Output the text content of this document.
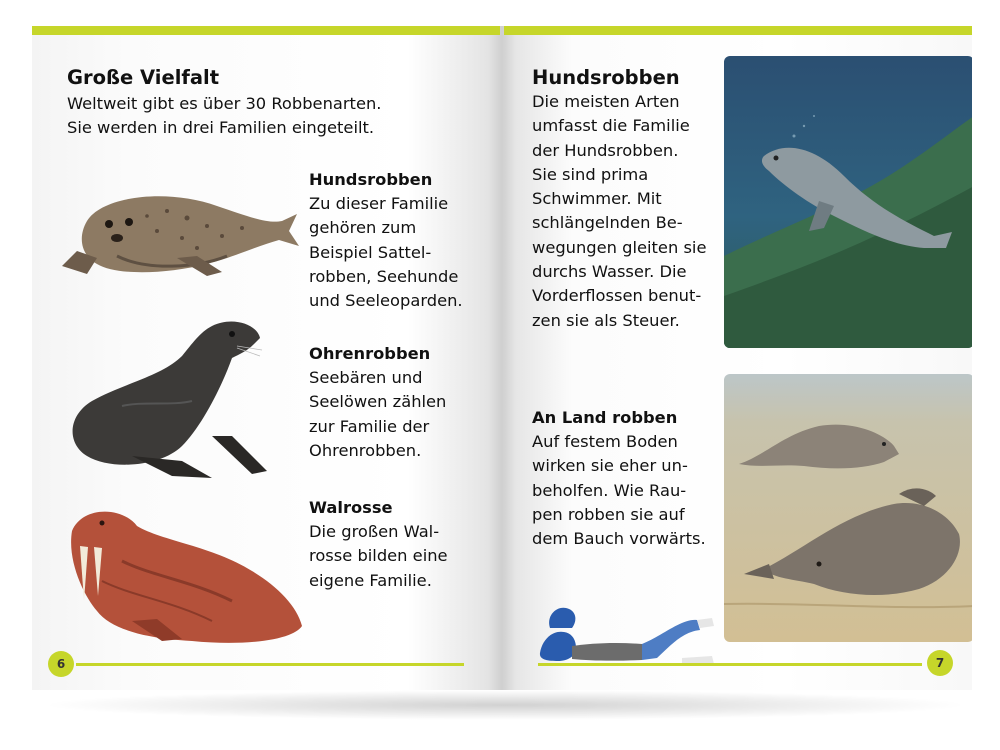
Große Vielfalt
Weltweit gibt es über 30 Robbenarten.
Sie werden in drei Familien eingeteilt.
Hundsrobben
Zu dieser Familie
gehören zum
Beispiel Sattel-
robben, Seehunde
und Seeleoparden.
Ohrenrobben
Seebären und
Seelöwen zählen
zur Familie der
Ohrenrobben.
Walrosse
Die großen Wal-
rosse bilden eine
eigene Familie.
6
Hundsrobben
Die meisten Arten
umfasst die Familie
der Hundsrobben.
Sie sind prima
Schwimmer. Mit
schlängelnden Be-
wegungen gleiten sie
durchs Wasser. Die
Vorderflossen benut-
zen sie als Steuer.
An Land robben
Auf festem Boden
wirken sie eher un-
beholfen. Wie Rau-
pen robben sie auf
dem Bauch vorwärts.
7
